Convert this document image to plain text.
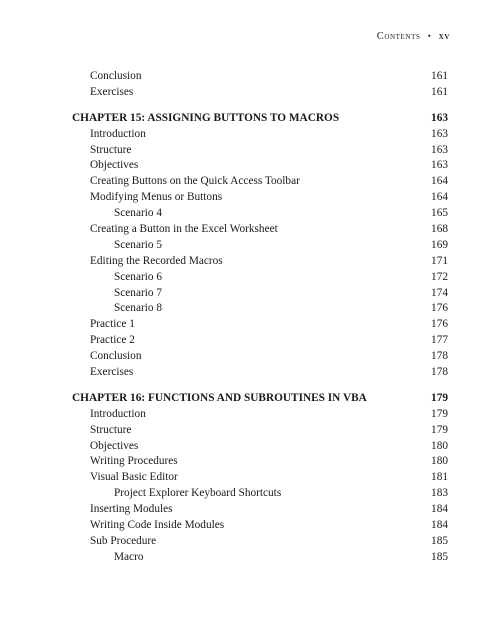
Contents • xv
Conclusion	161
Exercises	161
CHAPTER 15: ASSIGNING BUTTONS TO MACROS	163
Introduction	163
Structure	163
Objectives	163
Creating Buttons on the Quick Access Toolbar	164
Modifying Menus or Buttons	164
Scenario 4	165
Creating a Button in the Excel Worksheet	168
Scenario 5	169
Editing the Recorded Macros	171
Scenario 6	172
Scenario 7	174
Scenario 8	176
Practice 1	176
Practice 2	177
Conclusion	178
Exercises	178
CHAPTER 16: FUNCTIONS AND SUBROUTINES IN VBA	179
Introduction	179
Structure	179
Objectives	180
Writing Procedures	180
Visual Basic Editor	181
Project Explorer Keyboard Shortcuts	183
Inserting Modules	184
Writing Code Inside Modules	184
Sub Procedure	185
Macro	185
